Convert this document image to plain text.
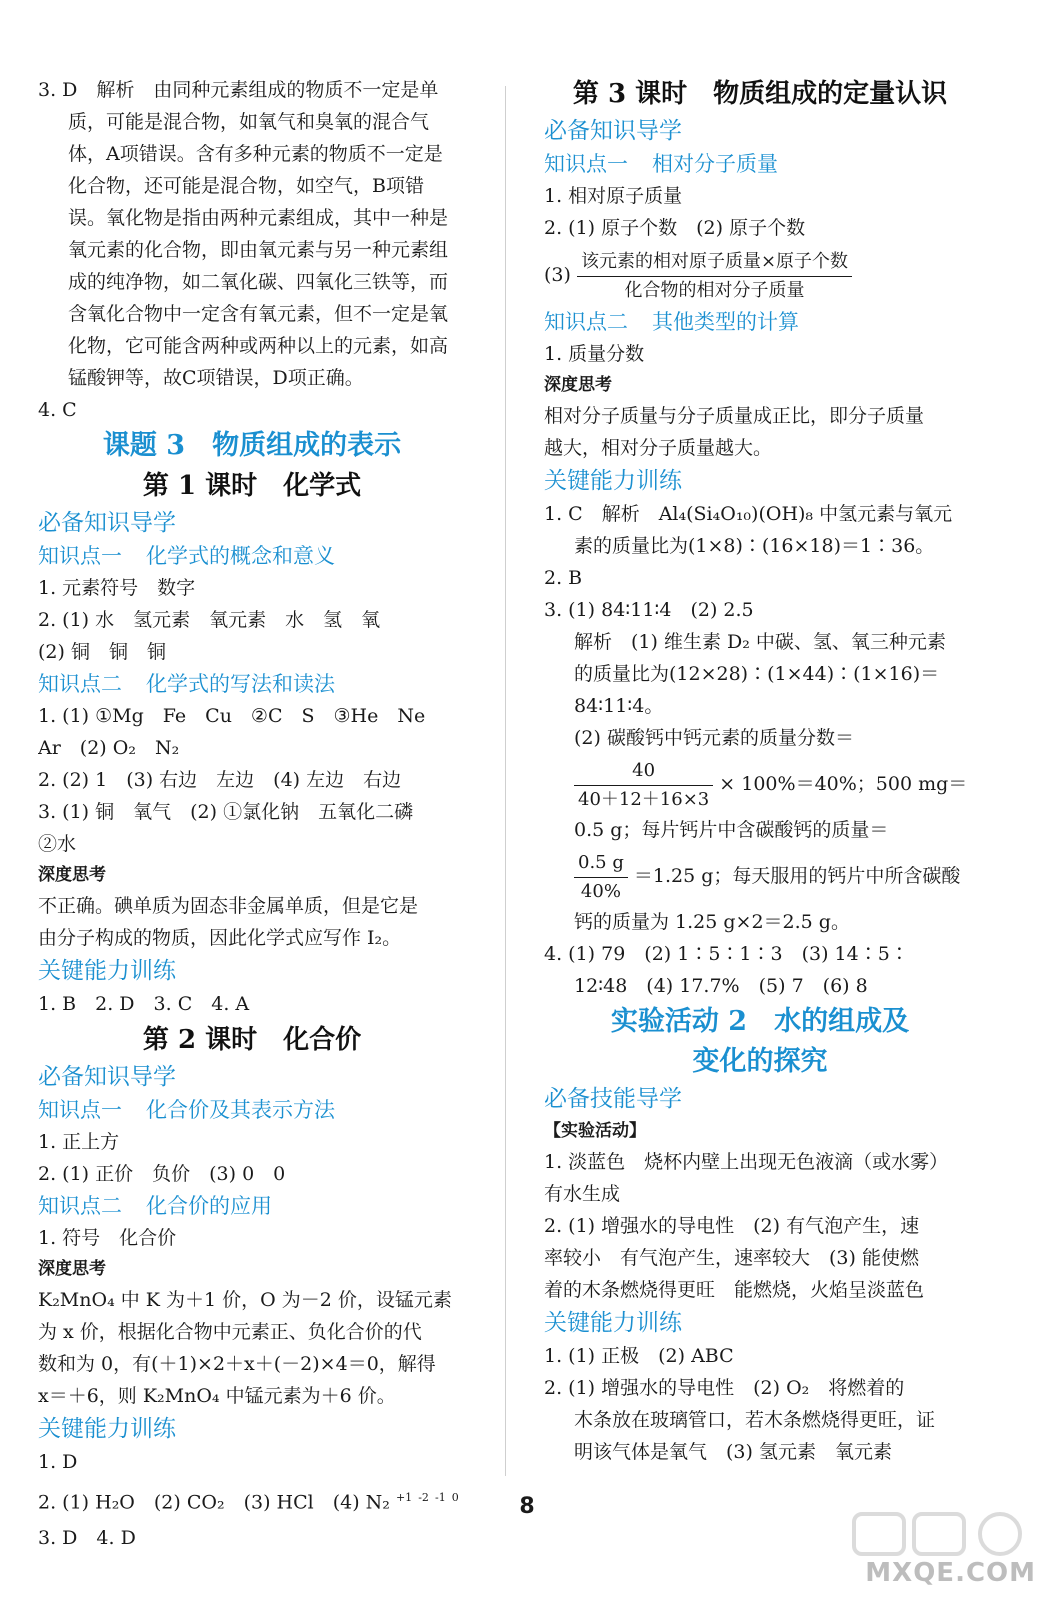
3. D　解析　由同种元素组成的物质不一定是单
质，可能是混合物，如氧气和臭氧的混合气
体，A项错误。含有多种元素的物质不一定是
化合物，还可能是混合物，如空气，B项错
误。氧化物是指由两种元素组成，其中一种是
氧元素的化合物，即由氧元素与另一种元素组
成的纯净物，如二氧化碳、四氧化三铁等，而
含氧化合物中一定含有氧元素，但不一定是氧
化物，它可能含两种或两种以上的元素，如高
锰酸钾等，故C项错误，D项正确。
4. C
课题 3　物质组成的表示
第 1 课时　化学式
必备知识导学
知识点一 化学式的概念和意义
1. 元素符号　数字
2. (1) 水　氢元素　氧元素　水　氢　氧
(2) 铜　铜　铜
知识点二 化学式的写法和读法
1. (1) ①Mg　Fe　Cu　②C　S　③He　Ne
Ar　(2) O₂　N₂
2. (2) 1　(3) 右边　左边　(4) 左边　右边
3. (1) 铜　氧气　(2) ①氯化钠　五氧化二磷
②水
深度思考
不正确。碘单质为固态非金属单质，但是它是
由分子构成的物质，因此化学式应写作 I₂。
关键能力训练
1. B　2. D　3. C　4. A
第 2 课时　化合价
必备知识导学
知识点一 化合价及其表示方法
1. 正上方
2. (1) 正价　负价　(3) 0　0
知识点二 化合价的应用
1. 符号　化合价
深度思考
K₂MnO₄ 中 K 为＋1 价，O 为－2 价，设锰元素
为 x 价，根据化合物中元素正、负化合价的代
数和为 0，有(＋1)×2＋x＋(－2)×4＝0，解得
x＝＋6，则 K₂MnO₄ 中锰元素为＋6 价。
关键能力训练
1. D
2. (1) H₂O　(2) CO₂　(3) HCl　(4) N₂ $^{+1}$ $^{-2}$ $^{-1}$ $^0$
3. D　4. D
第 3 课时　物质组成的定量认识
必备知识导学
知识点一 相对分子质量
1. 相对原子质量
2. (1) 原子个数　(2) 原子个数
$(3) \frac{\text{该元素的相对原子质量×原子个数}}{\text{化合物的相对分子质量}}$
知识点二 其他类型的计算
1. 质量分数
深度思考
相对分子质量与分子质量成正比，即分子质量
越大，相对分子质量越大。
关键能力训练
1. C　解析　Al₄(Si₄O₁₀)(OH)₈ 中氢元素与氧元
素的质量比为(1×8)∶(16×18)＝1∶36。
2. B
3. (1) 84∶11∶4　(2) 2.5
解析　(1) 维生素 D₂ 中碳、氢、氧三种元素
的质量比为(12×28)∶(1×44)∶(1×16)＝
84∶11∶4。
(2) 碳酸钙中钙元素的质量分数＝
$\frac{40}{40+12+16\times 3} \times 100\%=40\%$；500 mg＝
0.5 g；每片钙片中含碳酸钙的质量＝
$\frac{0.5 g}{40\%} =1.25$ g；每天服用的钙片中所含碳酸
钙的质量为 1.25 g×2＝2.5 g。
4. (1) 79　(2) 1∶5∶1∶3　(3) 14∶5∶
12∶48　(4) 17.7%　(5) 7　(6) 8
实验活动 2　水的组成及
变化的探究
必备技能导学
【实验活动】
1. 淡蓝色　烧杯内壁上出现无色液滴（或水雾）
有水生成
2. (1) 增强水的导电性　(2) 有气泡产生，速
率较小　有气泡产生，速率较大　(3) 能使燃
着的木条燃烧得更旺　能燃烧，火焰呈淡蓝色
关键能力训练
1. (1) 正极　(2) ABC
2. (1) 增强水的导电性　(2) O₂　将燃着的
木条放在玻璃管口，若木条燃烧得更旺，证
明该气体是氧气　(3) 氢元素　氧元素
8
MXQE.COM
